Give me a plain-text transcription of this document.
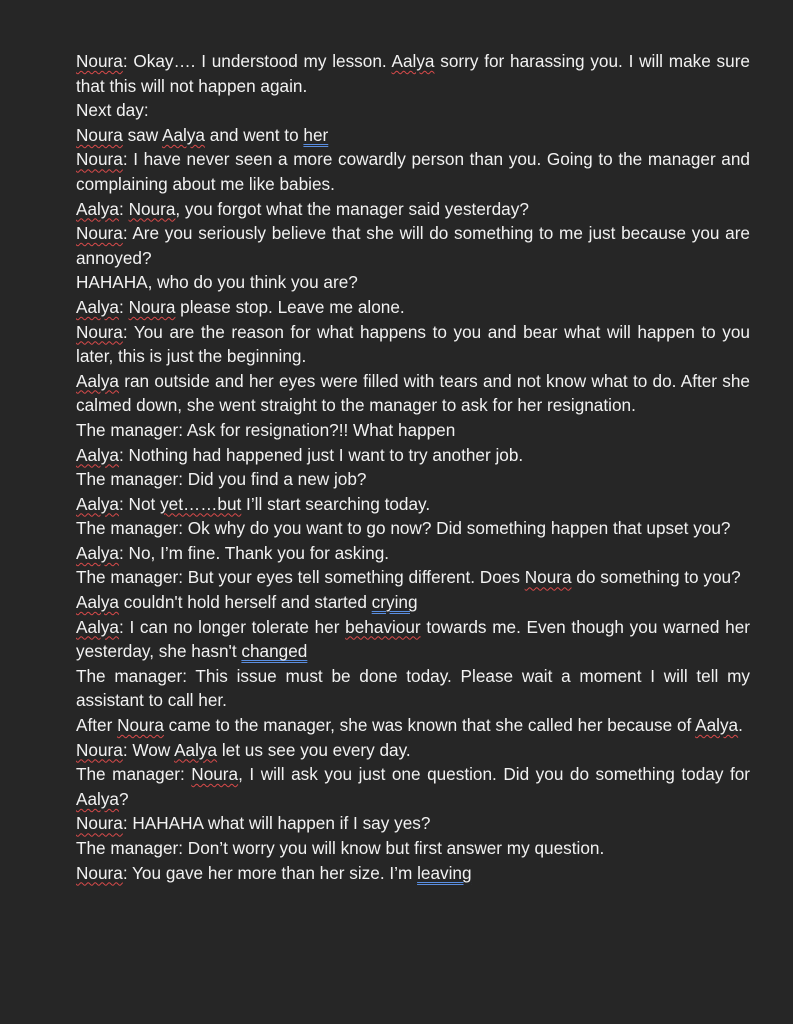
Noura: Okay…. I understood my lesson. Aalya sorry for harassing you. I will make sure that this will not happen again.

Next day:

Noura saw Aalya and went to her

Noura: I have never seen a more cowardly person than you. Going to the manager and complaining about me like babies.

Aalya: Noura, you forgot what the manager said yesterday?

Noura: Are you seriously believe that she will do something to me just because you are annoyed?

HAHAHA, who do you think you are?

Aalya: Noura please stop. Leave me alone.

Noura: You are the reason for what happens to you and bear what will happen to you later, this is just the beginning.

Aalya ran outside and her eyes were filled with tears and not know what to do. After she calmed down, she went straight to the manager to ask for her resignation.

The manager: Ask for resignation?!! What happen

Aalya: Nothing had happened just I want to try another job.

The manager: Did you find a new job?

Aalya: Not yet……but I’ll start searching today.

The manager: Ok why do you want to go now? Did something happen that upset you?

Aalya: No, I’m fine. Thank you for asking.

The manager: But your eyes tell something different. Does Noura do something to you?

Aalya couldn't hold herself and started crying

Aalya: I can no longer tolerate her behaviour towards me. Even though you warned her yesterday, she hasn't changed

The manager: This issue must be done today. Please wait a moment I will tell my assistant to call her.

After Noura came to the manager, she was known that she called her because of Aalya.

Noura: Wow Aalya let us see you every day.

The manager: Noura, I will ask you just one question. Did you do something today for Aalya?

Noura: HAHAHA what will happen if I say yes?

The manager: Don’t worry you will know but first answer my question.

Noura: You gave her more than her size. I’m leaving
